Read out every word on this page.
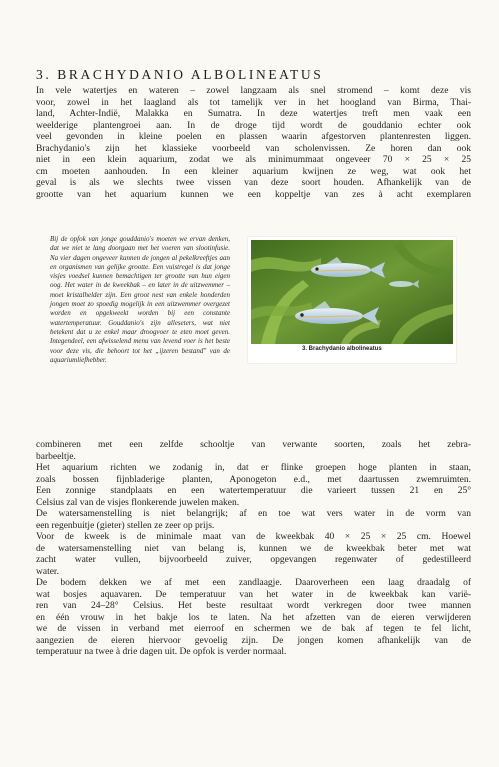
3. BRACHYDANIO ALBOLINEATUS
In vele watertjes en wateren – zowel langzaam als snel stromend – komt deze vis
voor, zowel in het laagland als tot tamelijk ver in het hoogland van Birma, Thai-
land, Achter-Indië, Malakka en Sumatra. In deze watertjes treft men vaak een
weelderige plantengroei aan. In de droge tijd wordt de gouddanio echter ook
veel gevonden in kleine poelen en plassen waarin afgestorven plantenresten liggen.
Brachydanio's zijn het klassieke voorbeeld van scholenvissen. Ze horen dan ook
niet in een klein aquarium, zodat we als minimummaat ongeveer 70 × 25 × 25
cm moeten aanhouden. In een kleiner aquarium kwijnen ze weg, wat ook het
geval is als we slechts twee vissen van deze soort houden. Afhankelijk van de
grootte van het aquarium kunnen we een koppeltje van zes à acht exemplaren

Bij de opfok van jonge gouddanio's moeten we ervan denken, dat we niet te lang doorgaan met het voeren van slootinfusie. Na vier dagen ongeveer kunnen de jongen al pekelkreeftjes aan en organismen van gelijke grootte. Een vuistregel is dat jonge visjes voedsel kunnen bemachtigen ter grootte van hun eigen oog. Het water in de kweekbak – en later in de uitzwemmer – moet kristalhelder zijn. Een groot nest van enkele honderden jongen moet zo spoedig mogelijk in een uitzwemmer overgezet worden en opgekweekt worden bij een constante watertemperatuur. Gouddanio's zijn alleseters, wat niet betekent dat u ze enkel maar droogvoer te eten moet geven. Integendeel, een afwisselend menu van levend voer is het beste voor deze vis, die behoort tot het „ijzeren bestand" van de aquariumliefhebber.

3. Brachydanio albolineatus
combineren met een zelfde schooltje van verwante soorten, zoals het zebra-
barbeeltje.
Het aquarium richten we zodanig in, dat er flinke groepen hoge planten in staan,
zoals bossen fijnbladerige planten, Aponogeton e.d., met daartussen zwemruimten.
Een zonnige standplaats en een watertemperatuur die varieert tussen 21 en 25°
Celsius zal van de visjes flonkerende juwelen maken.
De watersamenstelling is niet belangrijk; af en toe wat vers water in de vorm van
een regenbuitje (gieter) stellen ze zeer op prijs.
Voor de kweek is de minimale maat van de kweekbak 40 × 25 × 25 cm. Hoewel
de watersamenstelling niet van belang is, kunnen we de kweekbak beter met wat
zacht water vullen, bijvoorbeeld zuiver, opgevangen regenwater of gedestilleerd
water.
De bodem dekken we af met een zandlaagje. Daaroverheen een laag draadalg of
wat bosjes aquavaren. De temperatuur van het water in de kweekbak kan varië-
ren van 24–28° Celsius. Het beste resultaat wordt verkregen door twee mannen
en één vrouw in het bakje los te laten. Na het afzetten van de eieren verwijderen
we de vissen in verband met eierroof en schermen we de bak af tegen te fel licht,
aangezien de eieren hiervoor gevoelig zijn. De jongen komen afhankelijk van de
temperatuur na twee à drie dagen uit. De opfok is verder normaal.
